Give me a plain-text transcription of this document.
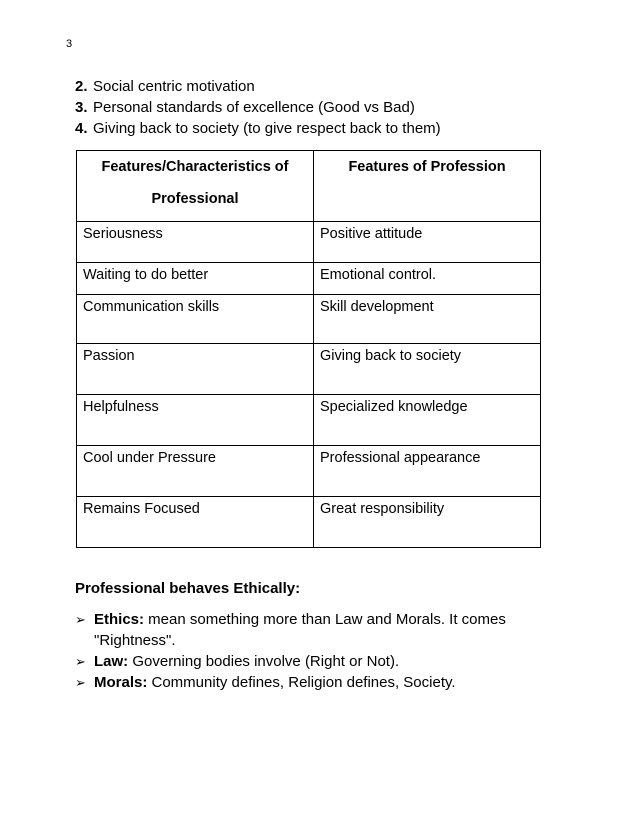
3
2. Social centric motivation
3. Personal standards of excellence (Good vs Bad)
4. Giving back to society (to give respect back to them)
Features/Characteristics of
Professional	Features of Profession

Seriousness	Positive attitude

Waiting to do better	Emotional control.

Communication skills	Skill development

Passion	Giving back to society

Helpfulness	Specialized knowledge

Cool under Pressure	Professional appearance

Remains Focused	Great responsibility
Professional behaves Ethically:
➢ Ethics: mean something more than Law and Morals. It comes "Rightness".
➢ Law: Governing bodies involve (Right or Not).
➢ Morals: Community defines, Religion defines, Society.
